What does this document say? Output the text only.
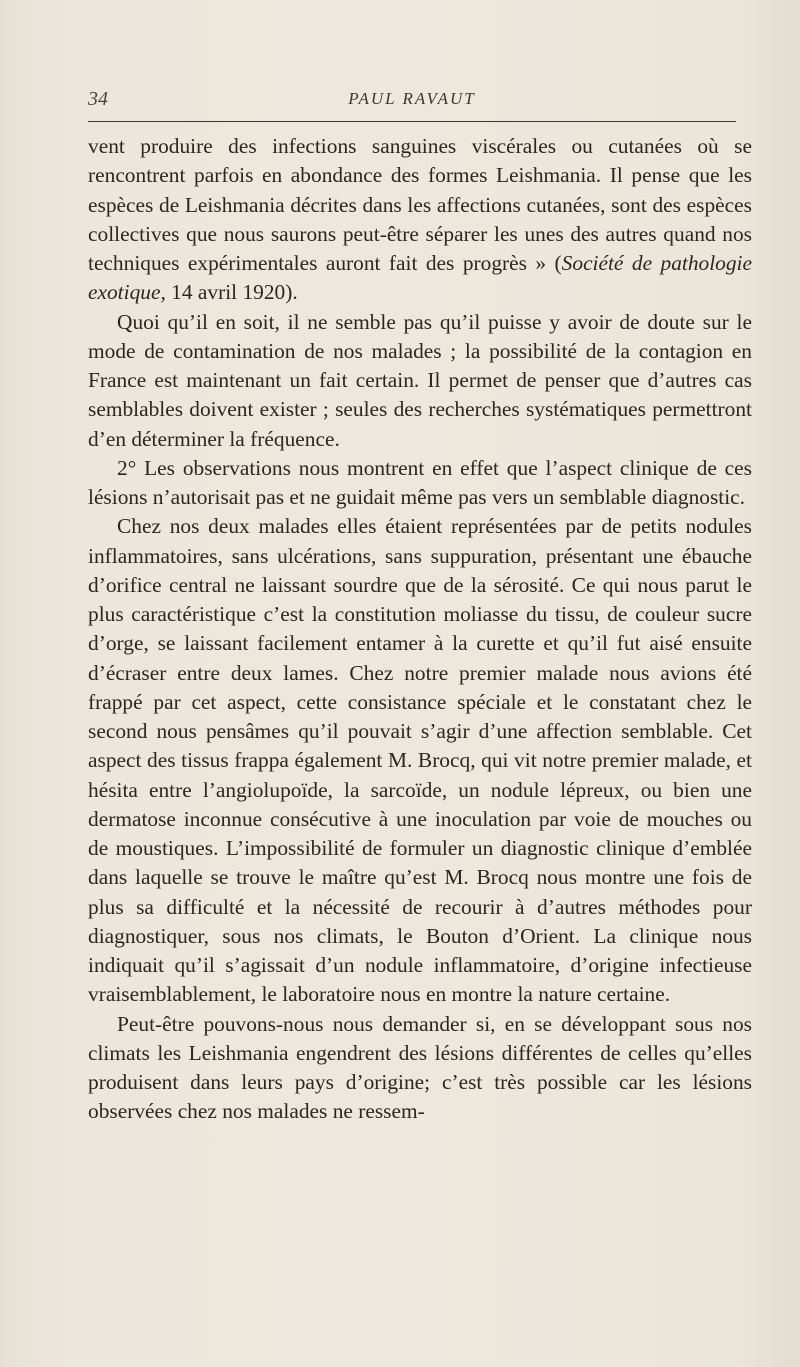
34	PAUL RAVAUT

vent produire des infections sanguines viscérales ou cutanées où se rencontrent parfois en abondance des formes Leishmania. Il pense que les espèces de Leishmania décrites dans les affections cutanées, sont des espèces collectives que nous saurons peut-être séparer les unes des autres quand nos techniques expérimentales auront fait des progrès » (Société de pathologie exotique, 14 avril 1920).

Quoi qu’il en soit, il ne semble pas qu’il puisse y avoir de doute sur le mode de contamination de nos malades ; la possibilité de la contagion en France est maintenant un fait certain. Il permet de penser que d’autres cas semblables doivent exister ; seules des recherches systématiques permettront d’en déterminer la fréquence.

2° Les observations nous montrent en effet que l’aspect clinique de ces lésions n’autorisait pas et ne guidait même pas vers un semblable diagnostic.

Chez nos deux malades elles étaient représentées par de petits nodules inflammatoires, sans ulcérations, sans suppuration, présentant une ébauche d’orifice central ne laissant sourdre que de la sérosité. Ce qui nous parut le plus caractéristique c’est la constitution moliasse du tissu, de couleur sucre d’orge, se laissant facilement entamer à la curette et qu’il fut aisé ensuite d’écraser entre deux lames. Chez notre premier malade nous avions été frappé par cet aspect, cette consistance spéciale et le constatant chez le second nous pensâmes qu’il pouvait s’agir d’une affection semblable. Cet aspect des tissus frappa également M. Brocq, qui vit notre premier malade, et hésita entre l’angiolupoïde, la sarcoïde, un nodule lépreux, ou bien une dermatose inconnue consécutive à une inoculation par voie de mouches ou de moustiques. L’impossibilité de formuler un diagnostic clinique d’emblée dans laquelle se trouve le maître qu’est M. Brocq nous montre une fois de plus sa difficulté et la nécessité de recourir à d’autres méthodes pour diagnostiquer, sous nos climats, le Bouton d’Orient. La clinique nous indiquait qu’il s’agissait d’un nodule inflammatoire, d’origine infectieuse vraisemblablement, le laboratoire nous en montre la nature certaine.

Peut-être pouvons-nous nous demander si, en se développant sous nos climats les Leishmania engendrent des lésions différentes de celles qu’elles produisent dans leurs pays d’origine; c’est très possible car les lésions observées chez nos malades ne ressem-
